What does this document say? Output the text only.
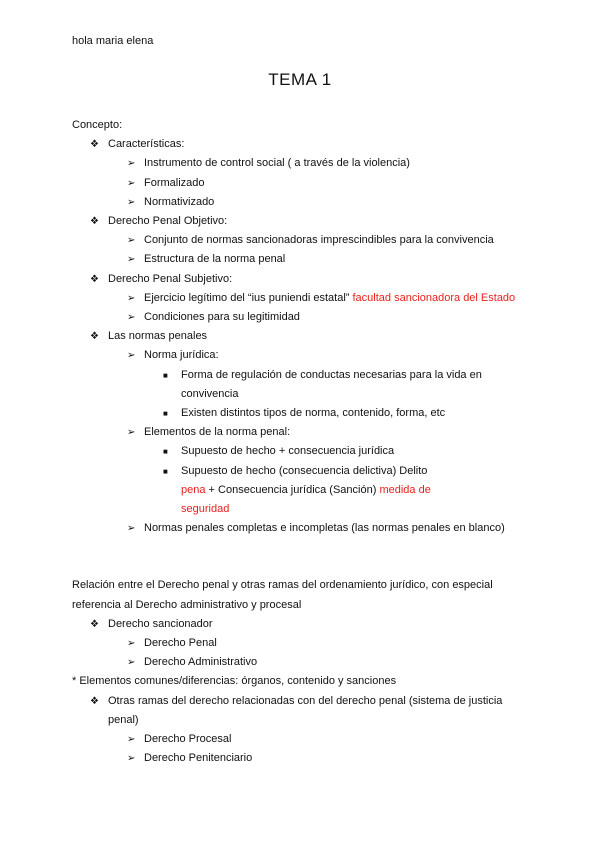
hola maria elena
TEMA 1
Concepto:
❖ Características:
➢ Instrumento de control social ( a través de la violencia)
➢ Formalizado
➢ Normativizado
❖ Derecho Penal Objetivo:
➢ Conjunto de normas sancionadoras imprescindibles para la convivencia
➢ Estructura de la norma penal
❖ Derecho Penal Subjetivo:
➢ Ejercicio legítimo del “ius puniendi estatal” facultad sancionadora del Estado
➢ Condiciones para su legitimidad
❖ Las normas penales
➢ Norma jurídica:
■ Forma de regulación de conductas necesarias para la vida en convivencia
■ Existen distintos tipos de norma, contenido, forma, etc
➢ Elementos de la norma penal:
■ Supuesto de hecho + consecuencia jurídica
■ Supuesto de hecho (consecuencia delictiva) Delito pena + Consecuencia jurídica (Sanción) medida de seguridad
➢ Normas penales completas e incompletas (las normas penales en blanco)
Relación entre el Derecho penal y otras ramas del ordenamiento jurídico, con especial referencia al Derecho administrativo y procesal
❖ Derecho sancionador
➢ Derecho Penal
➢ Derecho Administrativo
* Elementos comunes/diferencias: órganos, contenido y sanciones
❖ Otras ramas del derecho relacionadas con del derecho penal (sistema de justicia penal)
➢ Derecho Procesal
➢ Derecho Penitenciario
